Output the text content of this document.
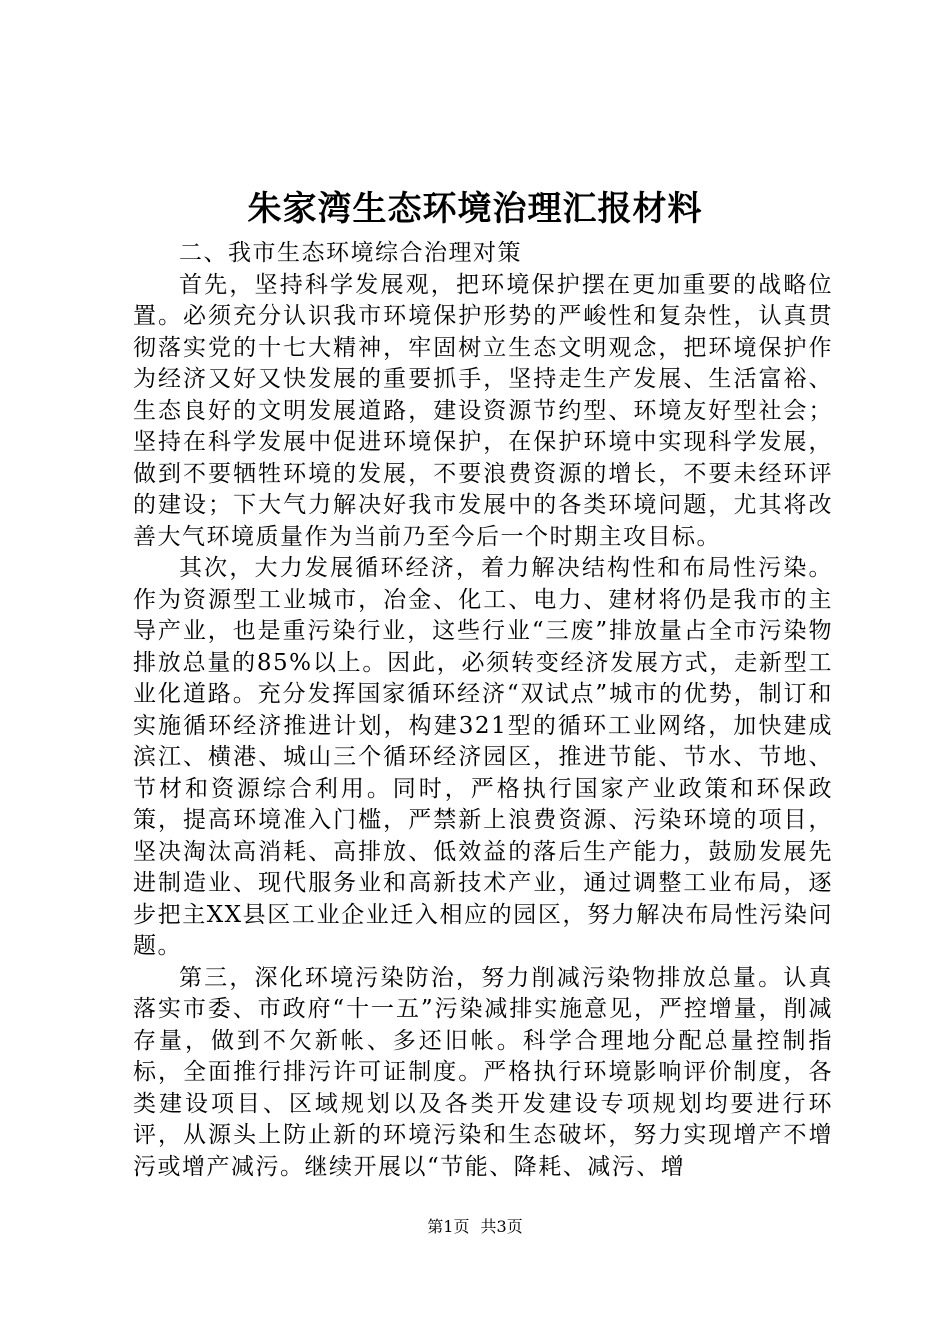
朱家湾生态环境治理汇报材料

二、我市生态环境综合治理对策

首先，坚持科学发展观，把环境保护摆在更加重要的战略位置。必须充分认识我市环境保护形势的严峻性和复杂性，认真贯彻落实党的十七大精神，牢固树立生态文明观念，把环境保护作为经济又好又快发展的重要抓手，坚持走生产发展、生活富裕、生态良好的文明发展道路，建设资源节约型、环境友好型社会；坚持在科学发展中促进环境保护，在保护环境中实现科学发展，做到不要牺牲环境的发展，不要浪费资源的增长，不要未经环评的建设；下大气力解决好我市发展中的各类环境问题，尤其将改善大气环境质量作为当前乃至今后一个时期主攻目标。

其次，大力发展循环经济，着力解决结构性和布局性污染。作为资源型工业城市，冶金、化工、电力、建材将仍是我市的主导产业，也是重污染行业，这些行业“三废”排放量占全市污染物排放总量的85%以上。因此，必须转变经济发展方式，走新型工业化道路。充分发挥国家循环经济“双试点”城市的优势，制订和实施循环经济推进计划，构建321型的循环工业网络，加快建成滨江、横港、城山三个循环经济园区，推进节能、节水、节地、节材和资源综合利用。同时，严格执行国家产业政策和环保政策，提高环境准入门槛，严禁新上浪费资源、污染环境的项目，坚决淘汰高消耗、高排放、低效益的落后生产能力，鼓励发展先进制造业、现代服务业和高新技术产业，通过调整工业布局，逐步把主XX县区工业企业迁入相应的园区，努力解决布局性污染问题。

第三，深化环境污染防治，努力削减污染物排放总量。认真落实市委、市政府“十一五”污染减排实施意见，严控增量，削减存量，做到不欠新帐、多还旧帐。科学合理地分配总量控制指标，全面推行排污许可证制度。严格执行环境影响评价制度，各类建设项目、区域规划以及各类开发建设专项规划均要进行环评，从源头上防止新的环境污染和生态破坏，努力实现增产不增污或增产减污。继续开展以“节能、降耗、减污、增

第1页 共3页
